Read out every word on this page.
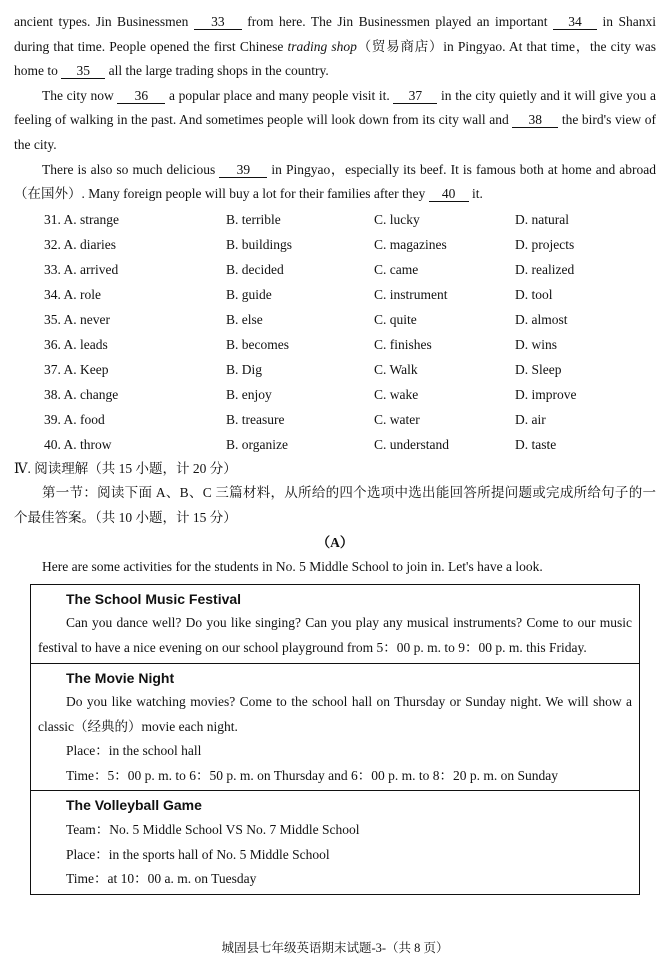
ancient types. Jin Businessmen 33 from here. The Jin Businessmen played an important 34 in Shanxi during that time. People opened the first Chinese trading shop（贸易商店）in Pingyao. At that time，the city was home to 35 all the large trading shops in the country.
The city now 36 a popular place and many people visit it. 37 in the city quietly and it will give you a feeling of walking in the past. And sometimes people will look down from its city wall and 38 the bird's view of the city.
There is also so much delicious 39 in Pingyao，especially its beef. It is famous both at home and abroad（在国外）. Many foreign people will buy a lot for their families after they 40 it.
31. A. strange	B. terrible	C. lucky	D. natural
32. A. diaries	B. buildings	C. magazines	D. projects
33. A. arrived	B. decided	C. came	D. realized
34. A. role	B. guide	C. instrument	D. tool
35. A. never	B. else	C. quite	D. almost
36. A. leads	B. becomes	C. finishes	D. wins
37. A. Keep	B. Dig	C. Walk	D. Sleep
38. A. change	B. enjoy	C. wake	D. improve
39. A. food	B. treasure	C. water	D. air
40. A. throw	B. organize	C. understand	D. taste
Ⅳ. 阅读理解（共 15 小题，计 20 分）
第一节：阅读下面 A、B、C 三篇材料，从所给的四个选项中选出能回答所提问题或完成所给句子的一个最佳答案。（共 10 小题，计 15 分）
（A）
Here are some activities for the students in No. 5 Middle School to join in. Let's have a look.
The School Music Festival
Can you dance well? Do you like singing? Can you play any musical instruments? Come to our music festival to have a nice evening on our school playground from 5：00 p. m. to 9：00 p. m. this Friday.
The Movie Night
Do you like watching movies? Come to the school hall on Thursday or Sunday night. We will show a classic（经典的）movie each night.
Place：in the school hall
Time：5：00 p. m. to 6：50 p. m. on Thursday and 6：00 p. m. to 8：20 p. m. on Sunday
The Volleyball Game
Team：No. 5 Middle School VS No. 7 Middle School
Place：in the sports hall of No. 5 Middle School
Time：at 10：00 a. m. on Tuesday
城固县七年级英语期末试题-3-（共 8 页）
